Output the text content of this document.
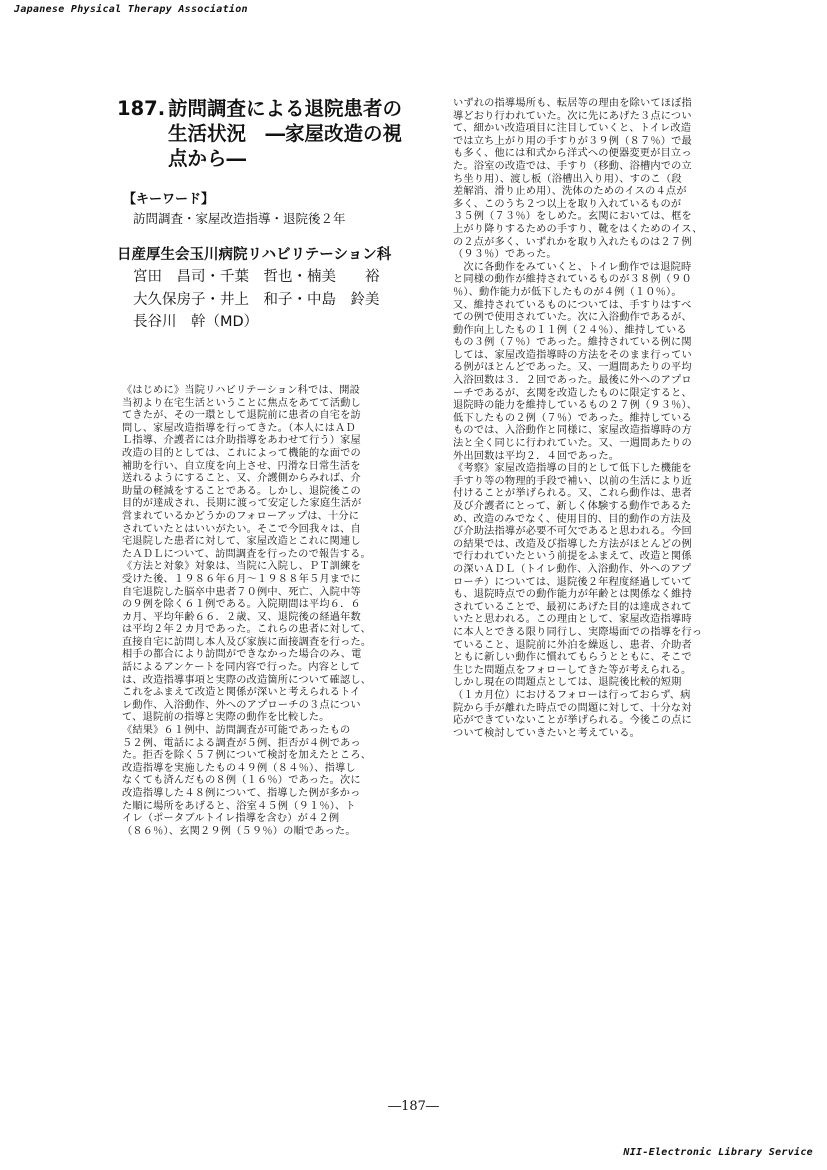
Japanese Physical Therapy Association
187. 訪問調査による退院患者の
生活状況　―家屋改造の視
点から―
【キーワード】
訪問調査・家屋改造指導・退院後２年
日産厚生会玉川病院リハビリテーション科
宮田　昌司・千葉　哲也・楠美　　裕
大久保房子・井上　和子・中島　鈴美
長谷川　幹（MD）
《はじめに》当院リハビリテーション科では、開設
当初より在宅生活ということに焦点をあてて活動し
てきたが、その一環として退院前に患者の自宅を訪
問し、家屋改造指導を行ってきた。（本人にはＡＤ
Ｌ指導、介護者には介助指導をあわせて行う）家屋
改造の目的としては、これによって機能的な面での
補助を行い、自立度を向上させ、円滑な日常生活を
送れるようにすること、又、介護側からみれば、介
助量の軽減をすることである。しかし、退院後この
目的が達成され、長期に渡って安定した家庭生活が
営まれているかどうかのフォローアップは、十分に
されていたとはいいがたい。そこで今回我々は、自
宅退院した患者に対して、家屋改造とこれに関連し
たＡＤＬについて、訪問調査を行ったので報告する。
《方法と対象》対象は、当院に入院し、ＰＴ訓練を
受けた後、１９８６年６月～１９８８年５月までに
自宅退院した脳卒中患者７０例中、死亡、入院中等
の９例を除く６１例である。入院期間は平均６．６
カ月、平均年齢６６．２歳、又、退院後の経過年数
は平均２年２カ月であった。これらの患者に対して、
直接自宅に訪問し本人及び家族に面接調査を行った。
相手の都合により訪問ができなかった場合のみ、電
話によるアンケートを同内容で行った。内容として
は、改造指導事項と実際の改造箇所について確認し、
これをふまえて改造と関係が深いと考えられるトイ
レ動作、入浴動作、外へのアプローチの３点につい
て、退院前の指導と実際の動作を比較した。
《結果》６１例中、訪問調査が可能であったもの
５２例、電話による調査が５例、拒否が４例であっ
た。拒否を除く５７例について検討を加えたところ、
改造指導を実施したもの４９例（８４％）、指導し
なくても済んだもの８例（１６％）であった。次に
改造指導した４８例について、指導した例が多かっ
た順に場所をあげると、浴室４５例（９１％）、ト
イレ（ポータブルトイレ指導を含む）が４２例
（８６％）、玄関２９例（５９％）の順であった。
いずれの指導場所も、転居等の理由を除いてほぼ指
導どおり行われていた。次に先にあげた３点につい
て、細かい改造項目に注目していくと、トイレ改造
では立ち上がり用の手すりが３９例（８７％）で最
も多く、他には和式から洋式への便器変更が目立っ
た。浴室の改造では、手すり（移動、浴槽内での立
ち坐り用）、渡し板（浴槽出入り用）、すのこ（段
差解消、滑り止め用）、洗体のためのイスの４点が
多く、このうち２つ以上を取り入れているものが
３５例（７３％）をしめた。玄関においては、框を
上がり降りするための手すり、靴をはくためのイス、
の２点が多く、いずれかを取り入れたものは２７例
（９３％）であった。
　次に各動作をみていくと、トイレ動作では退院時
と同様の動作が維持されているものが３８例（９０
％）、動作能力が低下したものが４例（１０％）。
又、維持されているものについては、手すりはすべ
ての例で使用されていた。次に入浴動作であるが、
動作向上したもの１１例（２４％）、維持している
もの３例（７％）であった。維持されている例に関
しては、家屋改造指導時の方法をそのまま行ってい
る例がほとんどであった。又、一週間あたりの平均
入浴回数は３．２回であった。最後に外へのアプロ
ーチであるが、玄関を改造したものに限定すると、
退院時の能力を維持しているもの２７例（９３％）、
低下したもの２例（７％）であった。維持している
ものでは、入浴動作と同様に、家屋改造指導時の方
法と全く同じに行われていた。又、一週間あたりの
外出回数は平均２．４回であった。
《考察》家屋改造指導の目的として低下した機能を
手すり等の物理的手段で補い、以前の生活により近
付けることが挙げられる。又、これら動作は、患者
及び介護者にとって、新しく体験する動作であるた
め、改造のみでなく、使用目的、目的動作の方法及
び介助法指導が必要不可欠であると思われる。今回
の結果では、改造及び指導した方法がほとんどの例
で行われていたという前提をふまえて、改造と関係
の深いＡＤＬ（トイレ動作、入浴動作、外へのアプ
ローチ）については、退院後２年程度経過していて
も、退院時点での動作能力が年齢とは関係なく維持
されていることで、最初にあげた目的は達成されて
いたと思われる。この理由として、家屋改造指導時
に本人とできる限り同行し、実際場面での指導を行っ
ていること、退院前に外泊を繰返し、患者、介助者
ともに新しい動作に慣れてもらうとともに、そこで
生じた問題点をフォローしてきた等が考えられる。
しかし現在の問題点としては、退院後比較的短期
（１カ月位）におけるフォローは行っておらず、病
院から手が離れた時点での問題に対して、十分な対
応ができていないことが挙げられる。今後この点に
ついて検討していきたいと考えている。
―187―
NII-Electronic Library Service
